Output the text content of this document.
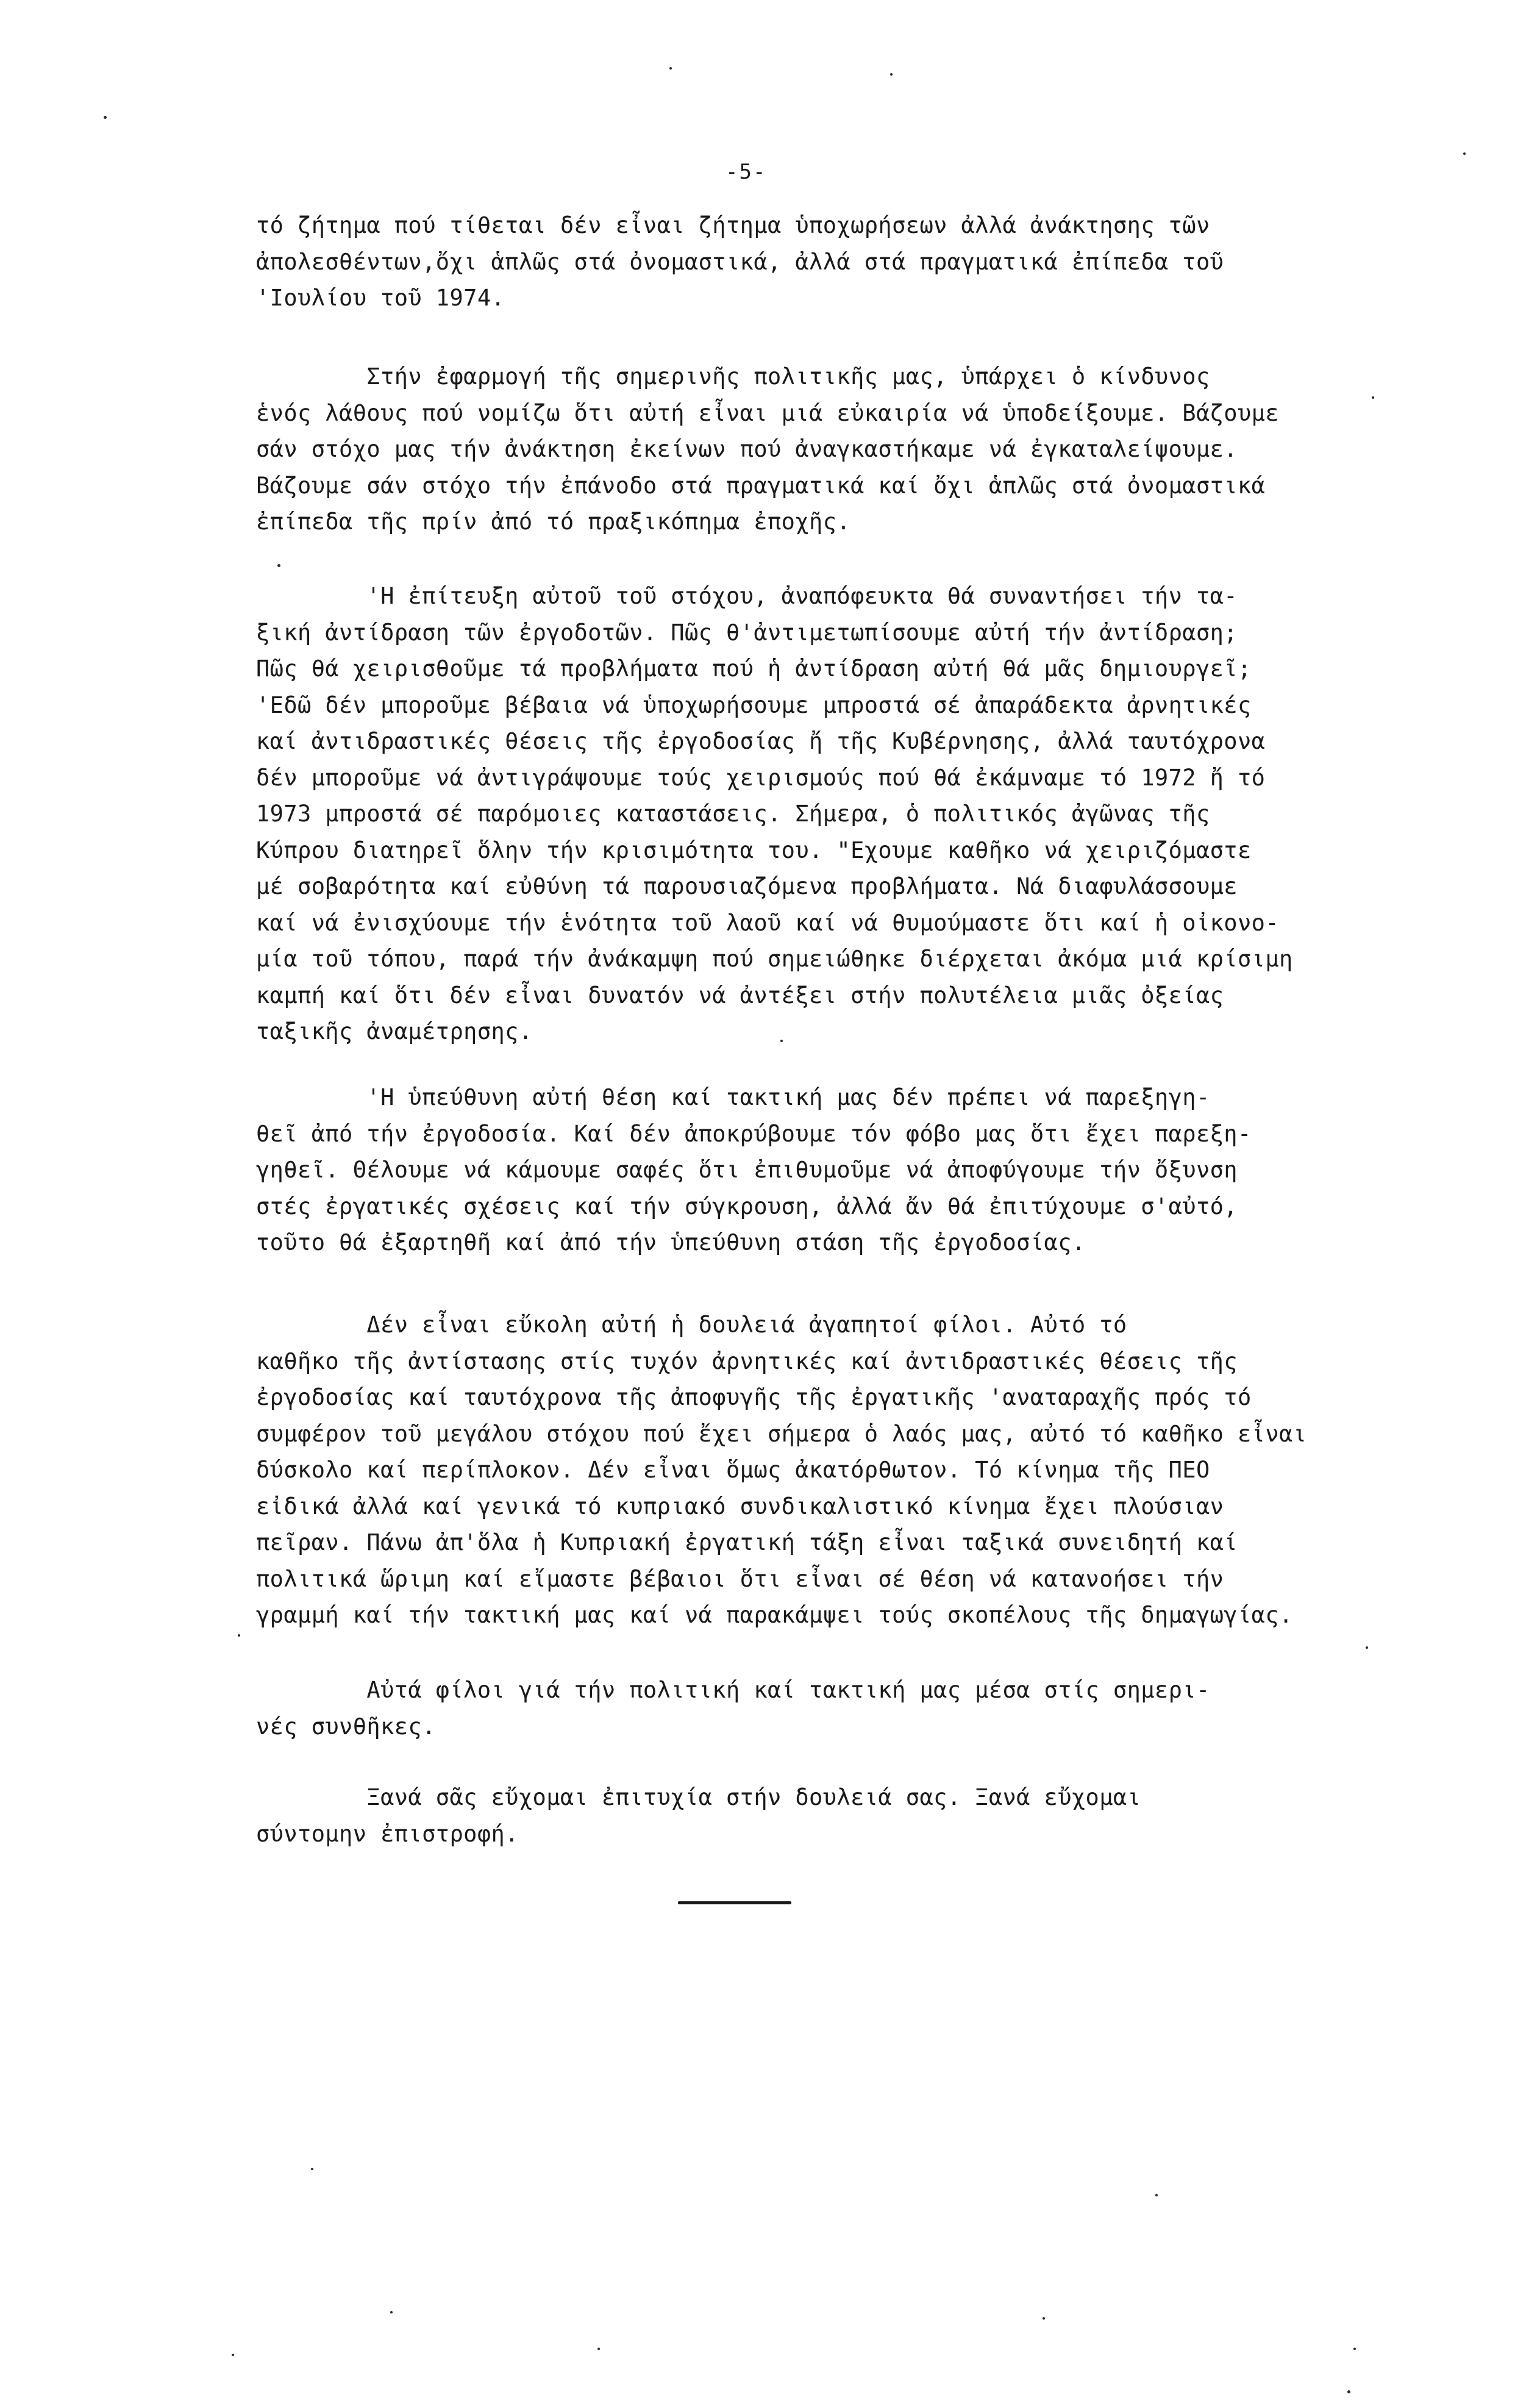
-5-
τό ζήτημα πού τίθεται δέν εἶναι ζήτημα ὑποχωρήσεων ἀλλά ἀνάκτησης τῶν
ἀπολεσθέντων,ὄχι ἁπλῶς στά ὀνομαστικά, ἀλλά στά πραγματικά ἐπίπεδα τοῦ
'Ιουλίου τοῦ 1974.
Στήν ἐφαρμογή τῆς σημερινῆς πολιτικῆς μας, ὑπάρχει ὁ κίνδυνος
ἑνός λάθους πού νομίζω ὅτι αὐτή εἶναι μιά εὐκαιρία νά ὑποδείξουμε. Βάζουμε
σάν στόχο μας τήν ἀνάκτηση ἐκείνων πού ἀναγκαστήκαμε νά ἐγκαταλείψουμε.
Βάζουμε σάν στόχο τήν ἐπάνοδο στά πραγματικά καί ὄχι ἁπλῶς στά ὀνομαστικά
ἐπίπεδα τῆς πρίν ἀπό τό πραξικόπημα ἐποχῆς.
'Η ἐπίτευξη αὐτοῦ τοῦ στόχου, ἀναπόφευκτα θά συναντήσει τήν τα-
ξική ἀντίδραση τῶν ἐργοδοτῶν. Πῶς θ'ἀντιμετωπίσουμε αὐτή τήν ἀντίδραση;
Πῶς θά χειρισθοῦμε τά προβλήματα πού ἡ ἀντίδραση αὐτή θά μᾶς δημιουργεῖ;
'Εδῶ δέν μποροῦμε βέβαια νά ὑποχωρήσουμε μπροστά σέ ἀπαράδεκτα ἀρνητικές
καί ἀντιδραστικές θέσεις τῆς ἐργοδοσίας ἤ τῆς Κυβέρνησης, ἀλλά ταυτόχρονα
δέν μποροῦμε νά ἀντιγράψουμε τούς χειρισμούς πού θά ἐκάμναμε τό 1972 ἤ τό
1973 μπροστά σέ παρόμοιες καταστάσεις. Σήμερα, ὁ πολιτικός ἀγῶνας τῆς
Κύπρου διατηρεῖ ὅλην τήν κρισιμότητα του. "Εχουμε καθῆκο νά χειριζόμαστε
μέ σοβαρότητα καί εὐθύνη τά παρουσιαζόμενα προβλήματα. Νά διαφυλάσσουμε
καί νά ἐνισχύουμε τήν ἑνότητα τοῦ λαοῦ καί νά θυμούμαστε ὅτι καί ἡ οἰκονο-
μία τοῦ τόπου, παρά τήν ἀνάκαμψη πού σημειώθηκε διέρχεται ἀκόμα μιά κρίσιμη
καμπή καί ὅτι δέν εἶναι δυνατόν νά ἀντέξει στήν πολυτέλεια μιᾶς ὀξείας
ταξικῆς ἀναμέτρησης.
'Η ὑπεύθυνη αὐτή θέση καί τακτική μας δέν πρέπει νά παρεξηγη-
θεῖ ἀπό τήν ἐργοδοσία. Καί δέν ἀποκρύβουμε τόν φόβο μας ὅτι ἔχει παρεξη-
γηθεῖ. Θέλουμε νά κάμουμε σαφές ὅτι ἐπιθυμοῦμε νά ἀποφύγουμε τήν ὄξυνση
στές ἐργατικές σχέσεις καί τήν σύγκρουση, ἀλλά ἄν θά ἐπιτύχουμε σ'αὐτό,
τοῦτο θά ἐξαρτηθῆ καί ἀπό τήν ὑπεύθυνη στάση τῆς ἐργοδοσίας.
Δέν εἶναι εὔκολη αὐτή ἡ δουλειά ἀγαπητοί φίλοι. Αὐτό τό
καθῆκο τῆς ἀντίστασης στίς τυχόν ἀρνητικές καί ἀντιδραστικές θέσεις τῆς
ἐργοδοσίας καί ταυτόχρονα τῆς ἀποφυγῆς τῆς ἐργατικῆς 'αναταραχῆς πρός τό
συμφέρον τοῦ μεγάλου στόχου πού ἔχει σήμερα ὁ λαός μας, αὐτό τό καθῆκο εἶναι
δύσκολο καί περίπλοκον. Δέν εἶναι ὅμως ἀκατόρθωτον. Τό κίνημα τῆς ΠΕΟ
εἰδικά ἀλλά καί γενικά τό κυπριακό συνδικαλιστικό κίνημα ἔχει πλούσιαν
πεῖραν. Πάνω ἀπ'ὅλα ἡ Κυπριακή ἐργατική τάξη εἶναι ταξικά συνειδητή καί
πολιτικά ὥριμη καί εἴμαστε βέβαιοι ὅτι εἶναι σέ θέση νά κατανοήσει τήν
γραμμή καί τήν τακτική μας καί νά παρακάμψει τούς σκοπέλους τῆς δημαγωγίας.
Αὐτά φίλοι γιά τήν πολιτική καί τακτική μας μέσα στίς σημερι-
νές συνθῆκες.
Ξανά σᾶς εὔχομαι ἐπιτυχία στήν δουλειά σας. Ξανά εὔχομαι
σύντομην ἐπιστροφή.
